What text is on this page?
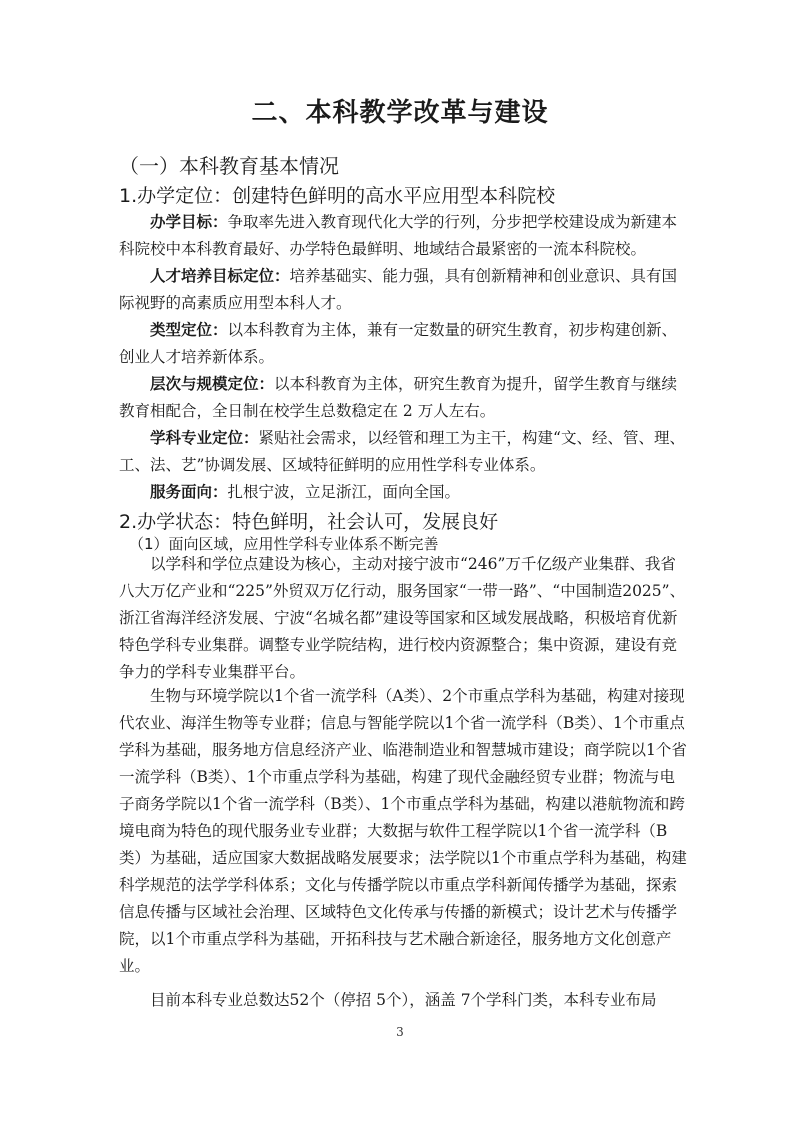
二、本科教学改革与建设
（一）本科教育基本情况
1.办学定位：创建特色鲜明的高水平应用型本科院校

办学目标：争取率先进入教育现代化大学的行列，分步把学校建设成为新建本科院校中本科教育最好、办学特色最鲜明、地域结合最紧密的一流本科院校。

人才培养目标定位：培养基础实、能力强，具有创新精神和创业意识、具有国际视野的高素质应用型本科人才。

类型定位：以本科教育为主体，兼有一定数量的研究生教育，初步构建创新、创业人才培养新体系。

层次与规模定位：以本科教育为主体，研究生教育为提升，留学生教育与继续教育相配合，全日制在校学生总数稳定在 2 万人左右。

学科专业定位：紧贴社会需求，以经管和理工为主干，构建“文、经、管、理、工、法、艺”协调发展、区域特征鲜明的应用性学科专业体系。

服务面向：扎根宁波，立足浙江，面向全国。

2.办学状态：特色鲜明，社会认可，发展良好
（1）面向区域，应用性学科专业体系不断完善

以学科和学位点建设为核心，主动对接宁波市“246”万千亿级产业集群、我省八大万亿产业和“225”外贸双万亿行动，服务国家“一带一路”、“中国制造2025”、浙江省海洋经济发展、宁波“名城名都”建设等国家和区域发展战略，积极培育优新特色学科专业集群。调整专业学院结构，进行校内资源整合；集中资源，建设有竞争力的学科专业集群平台。

生物与环境学院以1个省一流学科（A类）、2个市重点学科为基础，构建对接现代农业、海洋生物等专业群；信息与智能学院以1个省一流学科（B类）、1个市重点学科为基础，服务地方信息经济产业、临港制造业和智慧城市建设；商学院以1个省一流学科（B类）、1个市重点学科为基础，构建了现代金融经贸专业群；物流与电子商务学院以1个省一流学科（B类）、1个市重点学科为基础，构建以港航物流和跨境电商为特色的现代服务业专业群；大数据与软件工程学院以1个省一流学科（B类）为基础，适应国家大数据战略发展要求；法学院以1个市重点学科为基础，构建科学规范的法学学科体系；文化与传播学院以市重点学科新闻传播学为基础，探索信息传播与区域社会治理、区域特色文化传承与传播的新模式；设计艺术与传播学院，以1个市重点学科为基础，开拓科技与艺术融合新途径，服务地方文化创意产业。

目前本科专业总数达52个（停招 5个），涵盖 7个学科门类，本科专业布局

3
